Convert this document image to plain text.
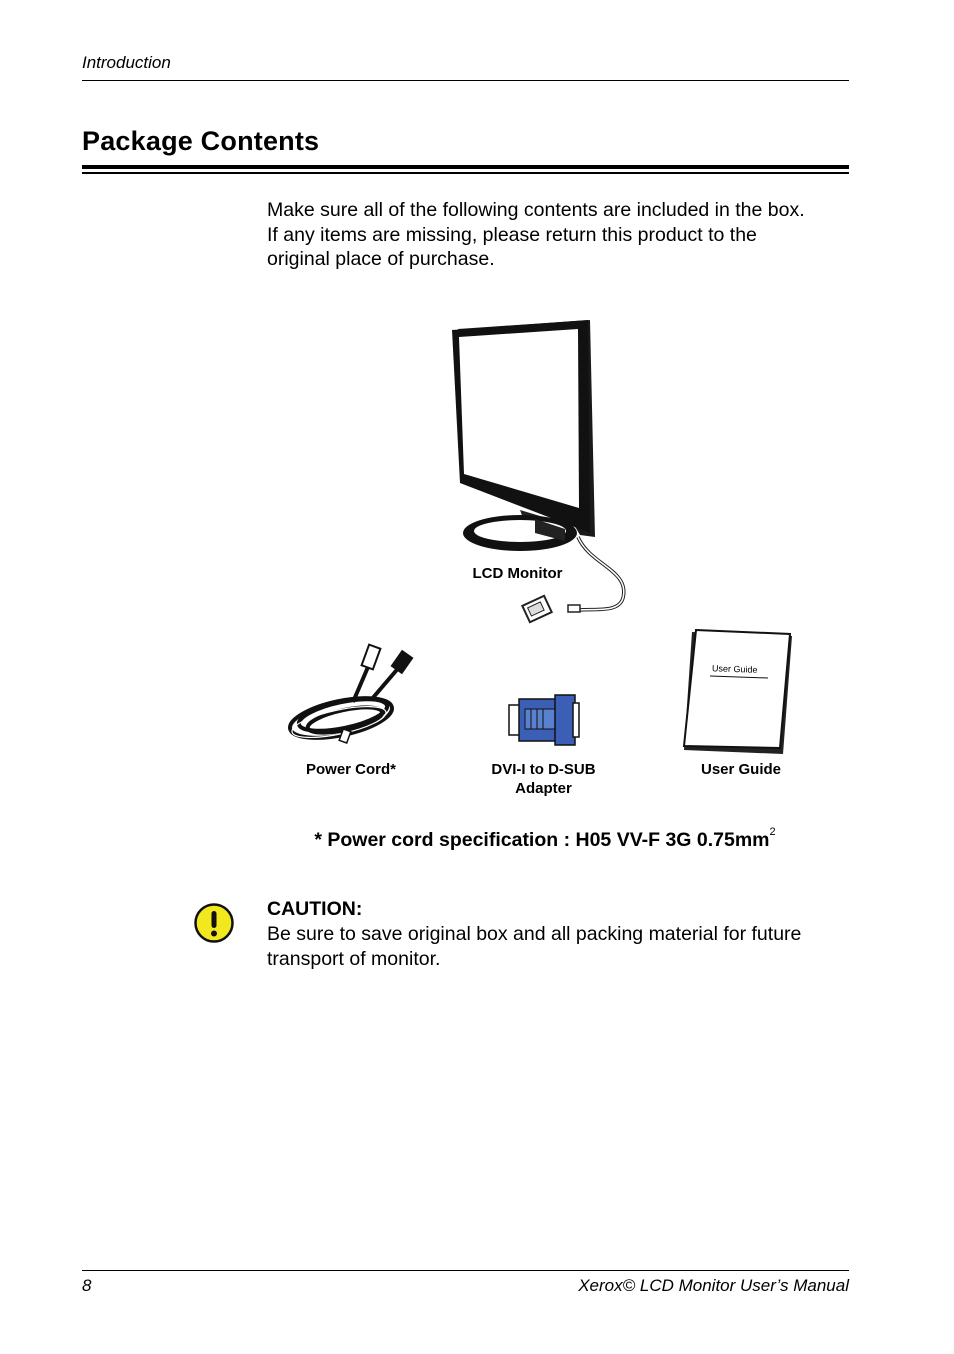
Introduction
Package Contents

Make sure all of the following contents are included in the box.

If any items are missing, please return this product to the

original place of purchase.

LCD Monitor
Power Cord*	DVI-I to D-SUB
Adapter
User Guide
User Guide
* Power cord specification : H05 VV-F 3G $0.75mm^2$
CAUTION:
Be sure to save original box and all packing material for future
transport of monitor.
8	Xerox© LCD Monitor User’s Manual
